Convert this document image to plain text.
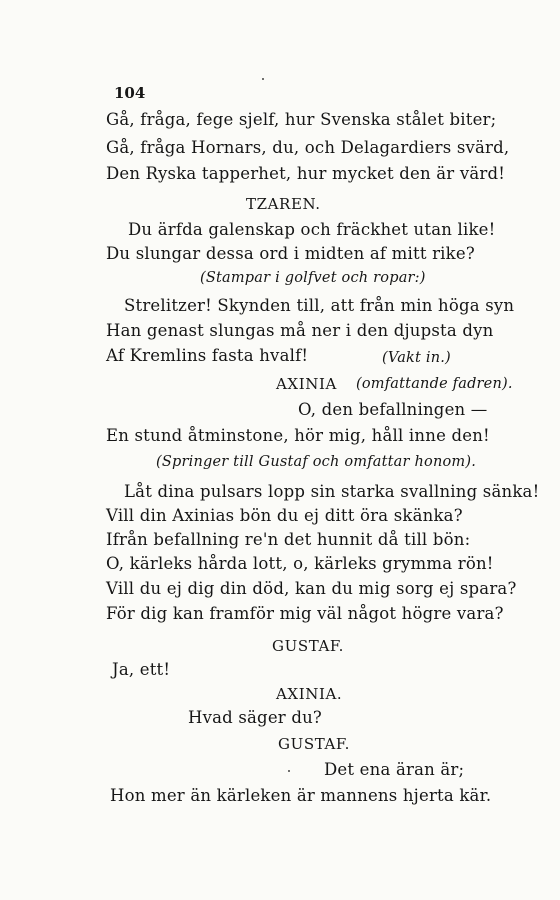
104
Gå, fråga, fege sjelf, hur Svenska stålet biter;
Gå, fråga Hornars, du, och Delagardiers svärd,
Den Ryska tapperhet, hur mycket den är värd!
TZAREN.
Du ärfda galenskap och fräckhet utan like!
Du slungar dessa ord i midten af mitt rike?
(Stampar i golfvet och ropar:)
Strelitzer! Skynden till, att från min höga syn
Han genast slungas må ner i den djupsta dyn
Af Kremlins fasta hvalf!	(Vakt in.)
AXINIA (omfattande fadren).
O, den befallningen —
En stund åtminstone, hör mig, håll inne den!
(Springer till Gustaf och omfattar honom).
Låt dina pulsars lopp sin starka svallning sänka!
Vill din Axinias bön du ej ditt öra skänka?
Ifrån befallning re'n det hunnit då till bön:
O, kärleks hårda lott, o, kärleks grymma rön!
Vill du ej dig din död, kan du mig sorg ej spara?
För dig kan framför mig väl något högre vara?
GUSTAF.
Ja, ett!
AXINIA.
Hvad säger du?
GUSTAF.
Det ena äran är;
Hon mer än kärleken är mannens hjerta kär.
